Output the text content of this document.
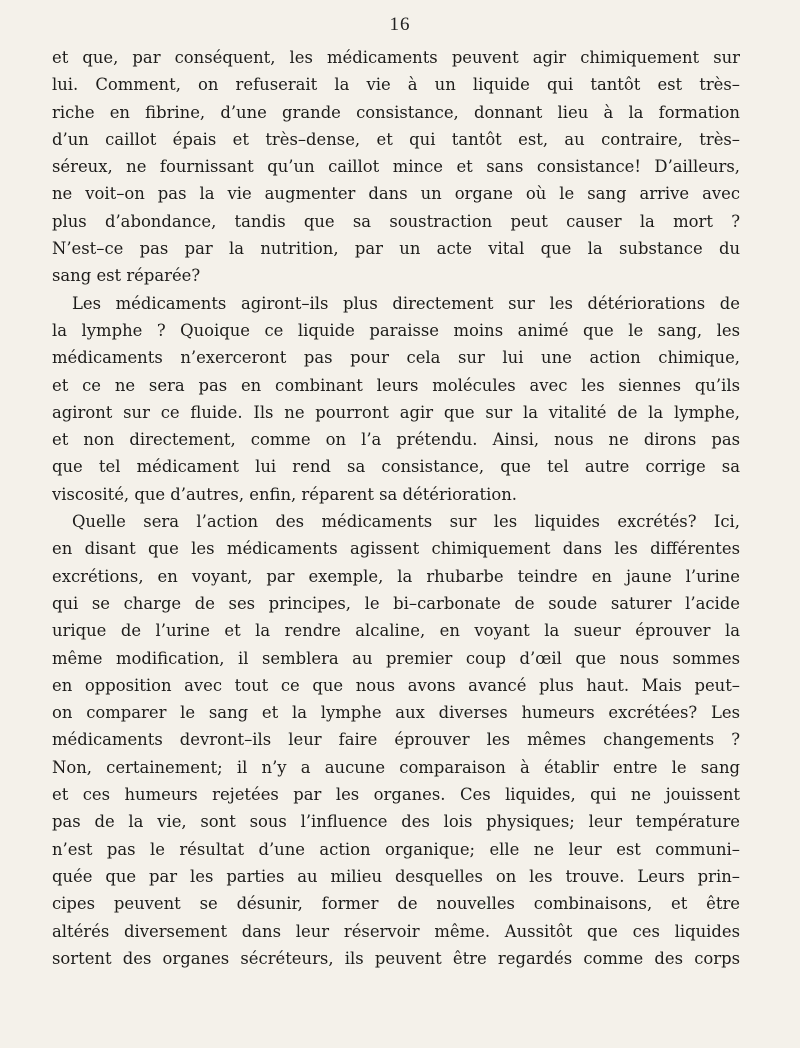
16
et que, par conséquent, les médicaments peuvent agir chimiquement sur
lui. Comment, on refuserait la vie à un liquide qui tantôt est très–
riche en fibrine, d’une grande consistance, donnant lieu à la formation
d’un caillot épais et très–dense, et qui tantôt est, au contraire, très–
séreux, ne fournissant qu’un caillot mince et sans consistance! D’ailleurs,
ne voit–on pas la vie augmenter dans un organe où le sang arrive avec
plus d’abondance, tandis que sa soustraction peut causer la mort ?
N’est–ce pas par la nutrition, par un acte vital que la substance du
sang est réparée?
Les médicaments agiront–ils plus directement sur les détériorations de
la lymphe ? Quoique ce liquide paraisse moins animé que le sang, les
médicaments n’exerceront pas pour cela sur lui une action chimique,
et ce ne sera pas en combinant leurs molécules avec les siennes qu’ils
agiront sur ce fluide. Ils ne pourront agir que sur la vitalité de la lymphe,
et non directement, comme on l’a prétendu. Ainsi, nous ne dirons pas
que tel médicament lui rend sa consistance, que tel autre corrige sa
viscosité, que d’autres, enfin, réparent sa détérioration.
Quelle sera l’action des médicaments sur les liquides excrétés? Ici,
en disant que les médicaments agissent chimiquement dans les différentes
excrétions, en voyant, par exemple, la rhubarbe teindre en jaune l’urine
qui se charge de ses principes, le bi–carbonate de soude saturer l’acide
urique de l’urine et la rendre alcaline, en voyant la sueur éprouver la
même modification, il semblera au premier coup d’œil que nous sommes
en opposition avec tout ce que nous avons avancé plus haut. Mais peut–
on comparer le sang et la lymphe aux diverses humeurs excrétées? Les
médicaments devront–ils leur faire éprouver les mêmes changements ?
Non, certainement; il n’y a aucune comparaison à établir entre le sang
et ces humeurs rejetées par les organes. Ces liquides, qui ne jouissent
pas de la vie, sont sous l’influence des lois physiques; leur température
n’est pas le résultat d’une action organique; elle ne leur est communi–
quée que par les parties au milieu desquelles on les trouve. Leurs prin–
cipes peuvent se désunir, former de nouvelles combinaisons, et être
altérés diversement dans leur réservoir même. Aussitôt que ces liquides
sortent des organes sécréteurs, ils peuvent être regardés comme des corps
